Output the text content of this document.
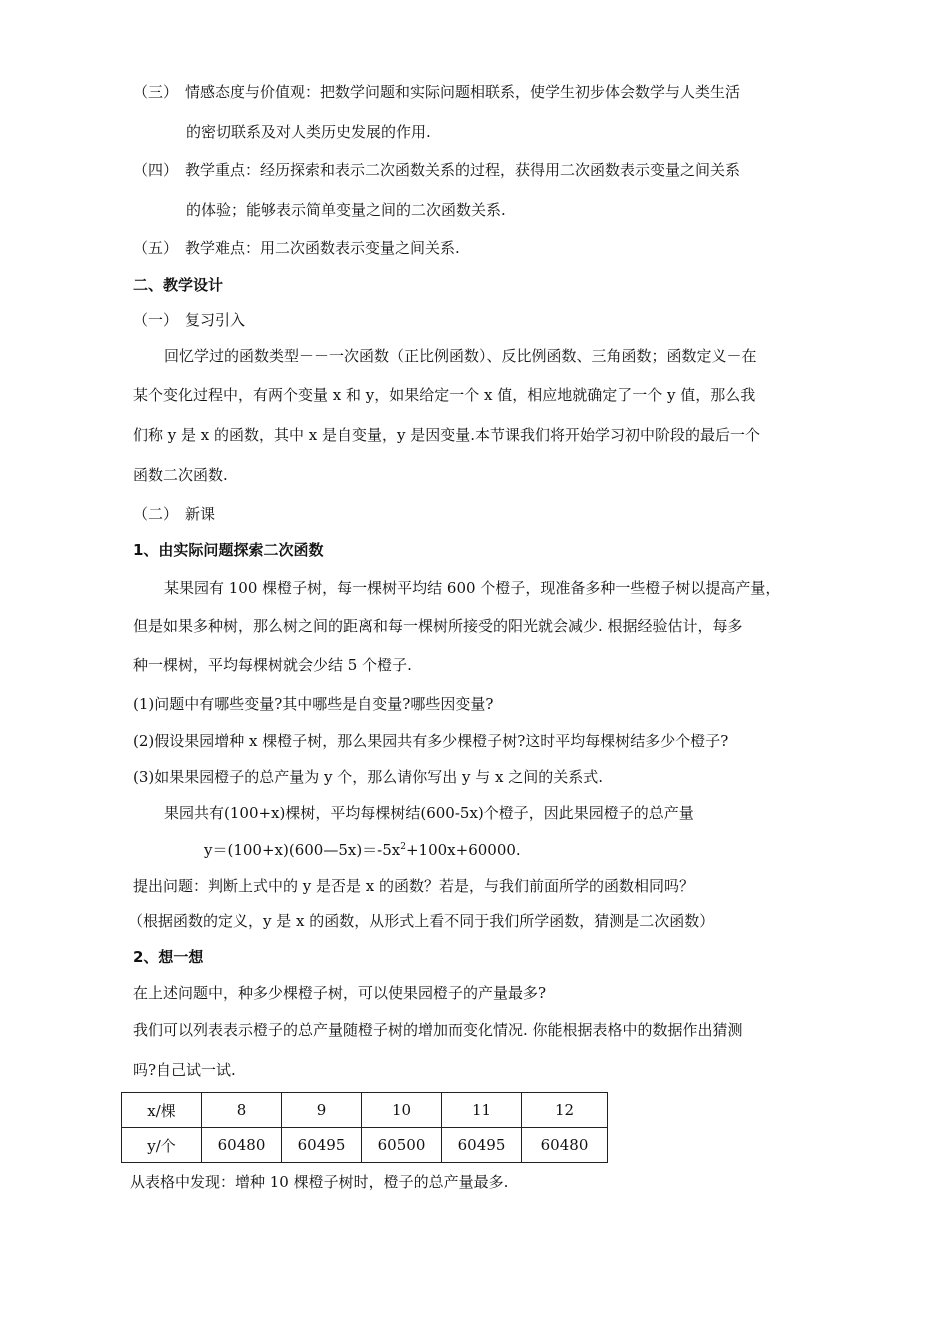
（三） 情感态度与价值观：把数学问题和实际问题相联系，使学生初步体会数学与人类生活
的密切联系及对人类历史发展的作用.
（四） 教学重点：经历探索和表示二次函数关系的过程，获得用二次函数表示变量之间关系
的体验；能够表示简单变量之间的二次函数关系.
（五） 教学难点：用二次函数表示变量之间关系.
二、教学设计
（一） 复习引入
回忆学过的函数类型－－一次函数（正比例函数）、反比例函数、三角函数；函数定义－在
某个变化过程中，有两个变量 x 和 y，如果给定一个 x 值，相应地就确定了一个 y 值，那么我
们称 y 是 x 的函数，其中 x 是自变量，y 是因变量.本节课我们将开始学习初中阶段的最后一个
函数二次函数.
（二） 新课
1、由实际问题探索二次函数
某果园有 100 棵橙子树，每一棵树平均结 600 个橙子，现准备多种一些橙子树以提高产量，
但是如果多种树，那么树之间的距离和每一棵树所接受的阳光就会减少. 根据经验估计，每多
种一棵树，平均每棵树就会少结 5 个橙子.
(1)问题中有哪些变量?其中哪些是自变量?哪些因变量?
(2)假设果园增种 x 棵橙子树，那么果园共有多少棵橙子树?这时平均每棵树结多少个橙子?
(3)如果果园橙子的总产量为 y 个，那么请你写出 y 与 x 之间的关系式.
果园共有(100+x)棵树，平均每棵树结(600-5x)个橙子，因此果园橙子的总产量
$y=(100+x)(600—5x)=-5x^2+100x+60000$.
提出问题：判断上式中的 y 是否是 x 的函数？若是，与我们前面所学的函数相同吗？
（根据函数的定义，y 是 x 的函数，从形式上看不同于我们所学函数，猜测是二次函数）
2、想一想
在上述问题中，种多少棵橙子树，可以使果园橙子的产量最多?
我们可以列表表示橙子的总产量随橙子树的增加而变化情况. 你能根据表格中的数据作出猜测
吗?自己试一试.
x/棵	8	9	10	11	12
y/个	60480	60495	60500	60495	60480
从表格中发现：增种 10 棵橙子树时，橙子的总产量最多.
